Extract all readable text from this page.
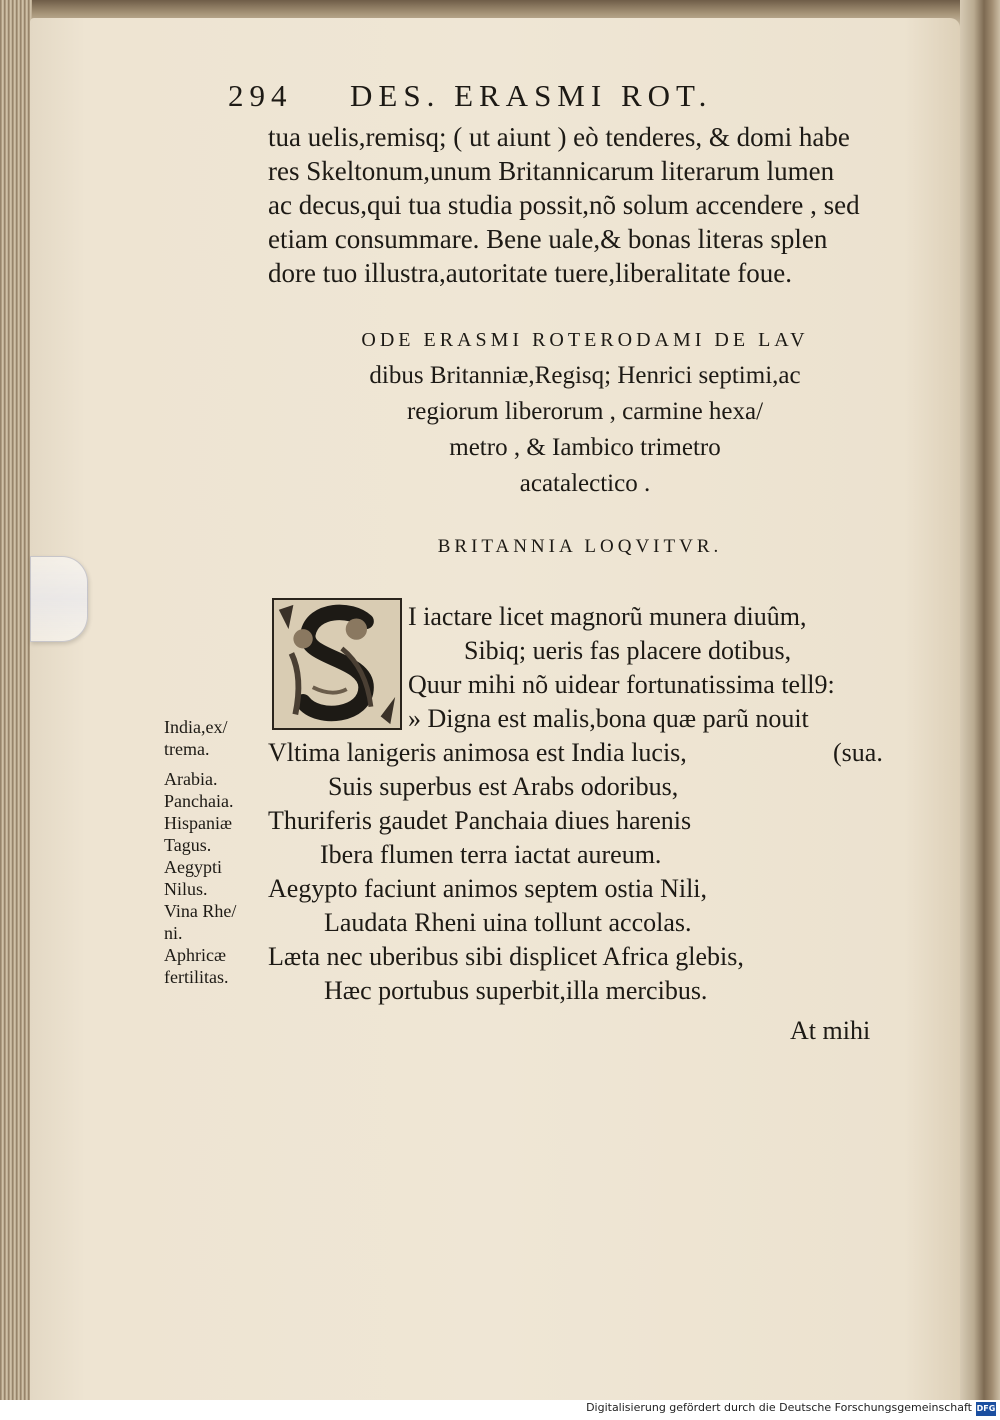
294 DES. ERASMI ROT.
tua uelis,remisq; ( ut aiunt ) eò tenderes, & domi habe
res Skeltonum,unum Britannicarum literarum lumen
ac decus,qui tua studia possit,nõ solum accendere , sed
etiam consummare. Bene uale,& bonas literas splen
dore tuo illustra,autoritate tuere,liberalitate foue.
ODE ERASMI ROTERODAMI DE LAV
dibus Britanniæ,Regisq; Henrici septimi,ac
regiorum liberorum , carmine hexa/
metro , & Iambico trimetro
acatalectico .
BRITANNIA LOQVITVR.
I iactare licet magnorũ munera diuûm,
Sibiq; ueris fas placere dotibus,
Quur mihi nõ uidear fortunatissima tell9:
» Digna est malis,bona quæ parũ nouit
Vltima lanigeris animosa est India lucis,	(sua.
Suis superbus est Arabs odoribus,
Thuriferis gaudet Panchaia diues harenis
Ibera flumen terra iactat aureum.
Aegypto faciunt animos septem ostia Nili,
Laudata Rheni uina tollunt accolas.
Læta nec uberibus sibi displicet Africa glebis,
Hæc portubus superbit,illa mercibus.
India,ex/
trema.
Arabia.
Panchaia.
Hispaniæ
Tagus.
Aegypti
Nilus.
Vina Rhe/
ni.
Aphricæ
fertilitas.
At mihi
Digitalisierung gefördert durch die Deutsche Forschungsgemeinschaft DFG
